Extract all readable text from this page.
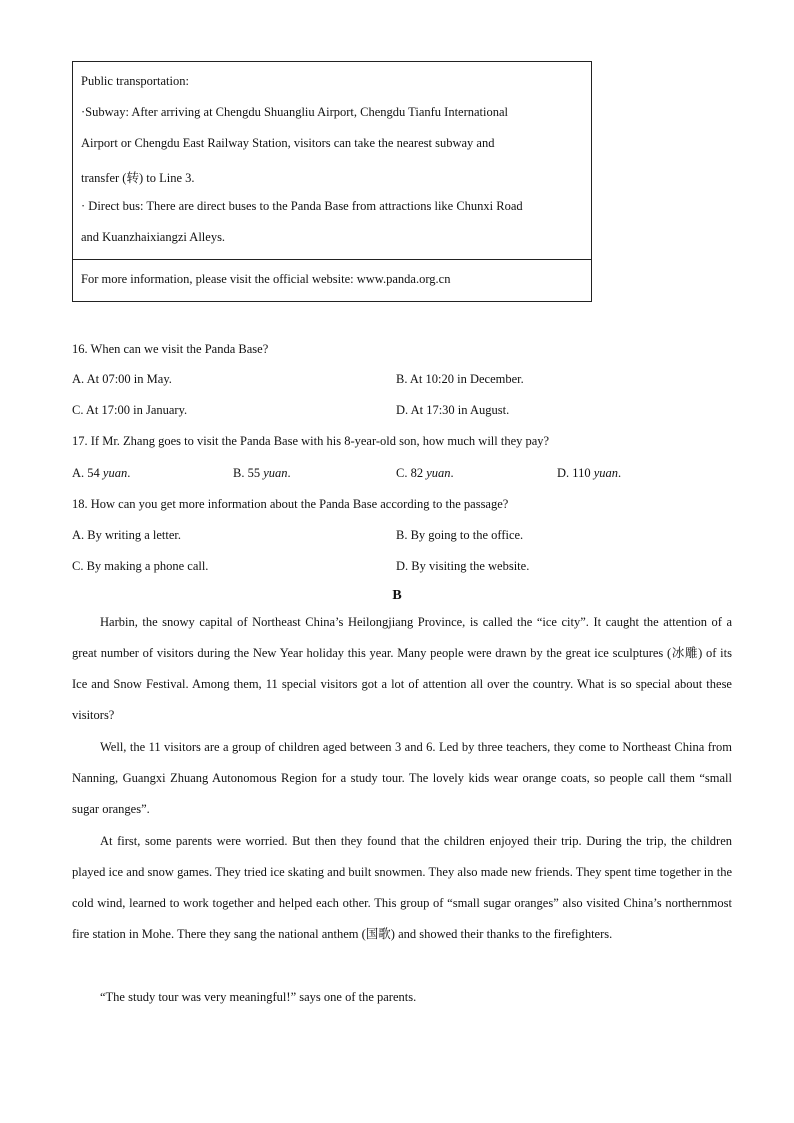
Public transportation:
·Subway: After arriving at Chengdu Shuangliu Airport, Chengdu Tianfu International
Airport or Chengdu East Railway Station, visitors can take the nearest subway and
transfer (转) to Line 3.
· Direct bus: There are direct buses to the Panda Base from attractions like Chunxi Road
and Kuanzhaixiangzi Alleys.
For more information, please visit the official website: www.panda.org.cn
16. When can we visit the Panda Base?
A. At 07:00 in May.	B. At 10:20 in December.
C. At 17:00 in January.	D. At 17:30 in August.
17. If Mr. Zhang goes to visit the Panda Base with his 8-year-old son, how much will they pay?
A. 54 yuan.	B. 55 yuan.	C. 82 yuan.	D. 110 yuan.
18. How can you get more information about the Panda Base according to the passage?
A. By writing a letter.	B. By going to the office.
C. By making a phone call.	D. By visiting the website.
B
Harbin, the snowy capital of Northeast China’s Heilongjiang Province, is called the “ice city”. It caught the attention of a great number of visitors during the New Year holiday this year. Many people were drawn by the great ice sculptures (冰雕) of its Ice and Snow Festival. Among them, 11 special visitors got a lot of attention all over the country. What is so special about these visitors?
Well, the 11 visitors are a group of children aged between 3 and 6. Led by three teachers, they come to Northeast China from Nanning, Guangxi Zhuang Autonomous Region for a study tour. The lovely kids wear orange coats, so people call them “small sugar oranges”.
At first, some parents were worried. But then they found that the children enjoyed their trip. During the trip, the children played ice and snow games. They tried ice skating and built snowmen. They also made new friends. They spent time together in the cold wind, learned to work together and helped each other. This group of “small sugar oranges” also visited China’s northernmost fire station in Mohe. There they sang the national anthem (国歌) and showed their thanks to the firefighters.
“The study tour was very meaningful!” says one of the parents.
